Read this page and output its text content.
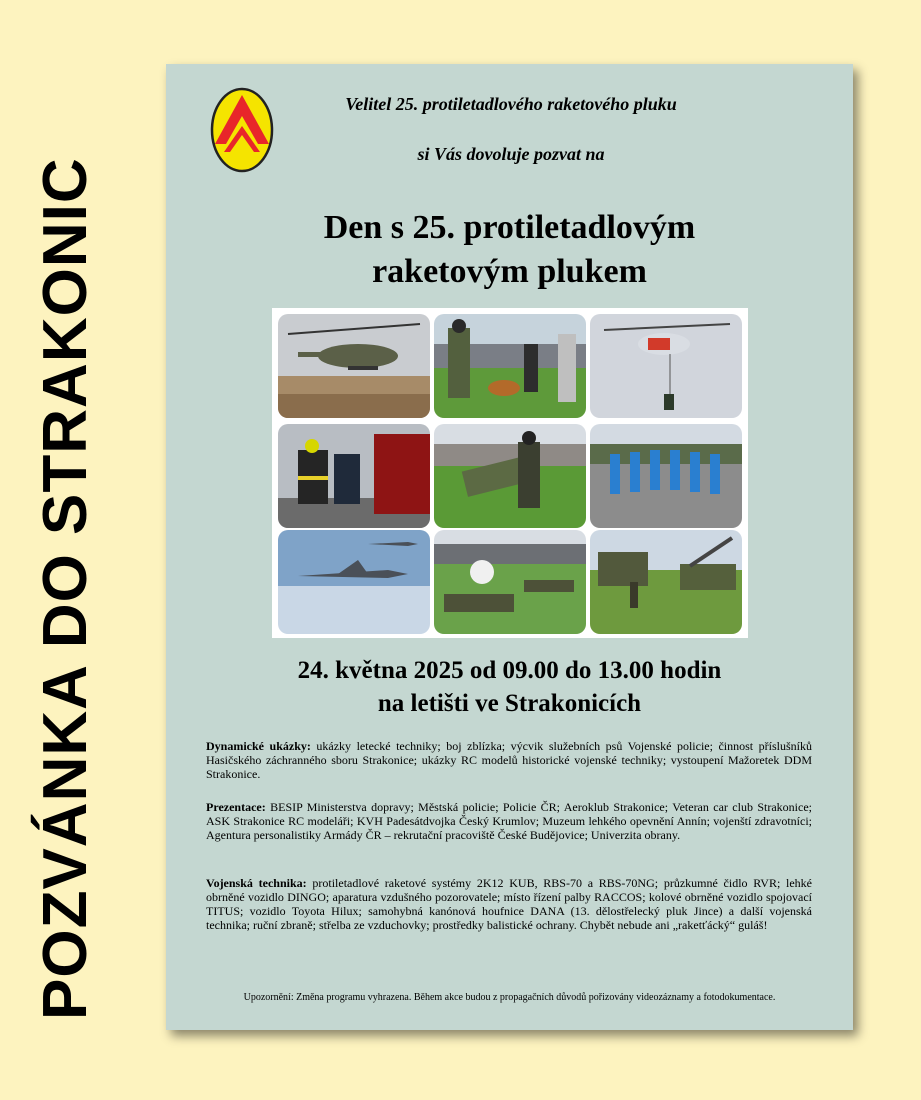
POZVÁNKA DO STRAKONIC
Velitel 25. protiletadlového raketového pluku
si Vás dovoluje pozvat na
Den s 25. protiletadlovým
raketovým plukem
24. května 2025 od 09.00 do 13.00 hodin
na letišti ve Strakonicích
Dynamické ukázky: ukázky letecké techniky; boj zblízka; výcvik služebních psů Vojenské policie; činnost příslušníků Hasičského záchranného sboru Strakonice; ukázky RC modelů historické vojenské techniky; vystoupení Mažoretek DDM Strakonice.
Prezentace: BESIP Ministerstva dopravy; Městská policie; Policie ČR; Aeroklub Strakonice; Veteran car club Strakonice; ASK Strakonice RC modeláři; KVH Padesátdvojka Český Krumlov; Muzeum lehkého opevnění Annín; vojenští zdravotníci; Agentura personalistiky Armády ČR – rekrutační pracoviště České Budějovice; Univerzita obrany.
Vojenská technika: protiletadlové raketové systémy 2K12 KUB, RBS-70 a RBS-70NG; průzkumné čidlo RVR; lehké obrněné vozidlo DINGO; aparatura vzdušného pozorovatele; místo řízení palby RACCOS; kolové obrněné vozidlo spojovací TITUS; vozidlo Toyota Hilux; samohybná kanónová houfnice DANA (13. dělostřelecký pluk Jince) a další vojenská technika; ruční zbraně; střelba ze vzduchovky; prostředky balistické ochrany. Chybět nebude ani „raketťácký“ guláš!
Upozornění: Změna programu vyhrazena. Během akce budou z propagačních důvodů pořizovány videozáznamy a fotodokumentace.
